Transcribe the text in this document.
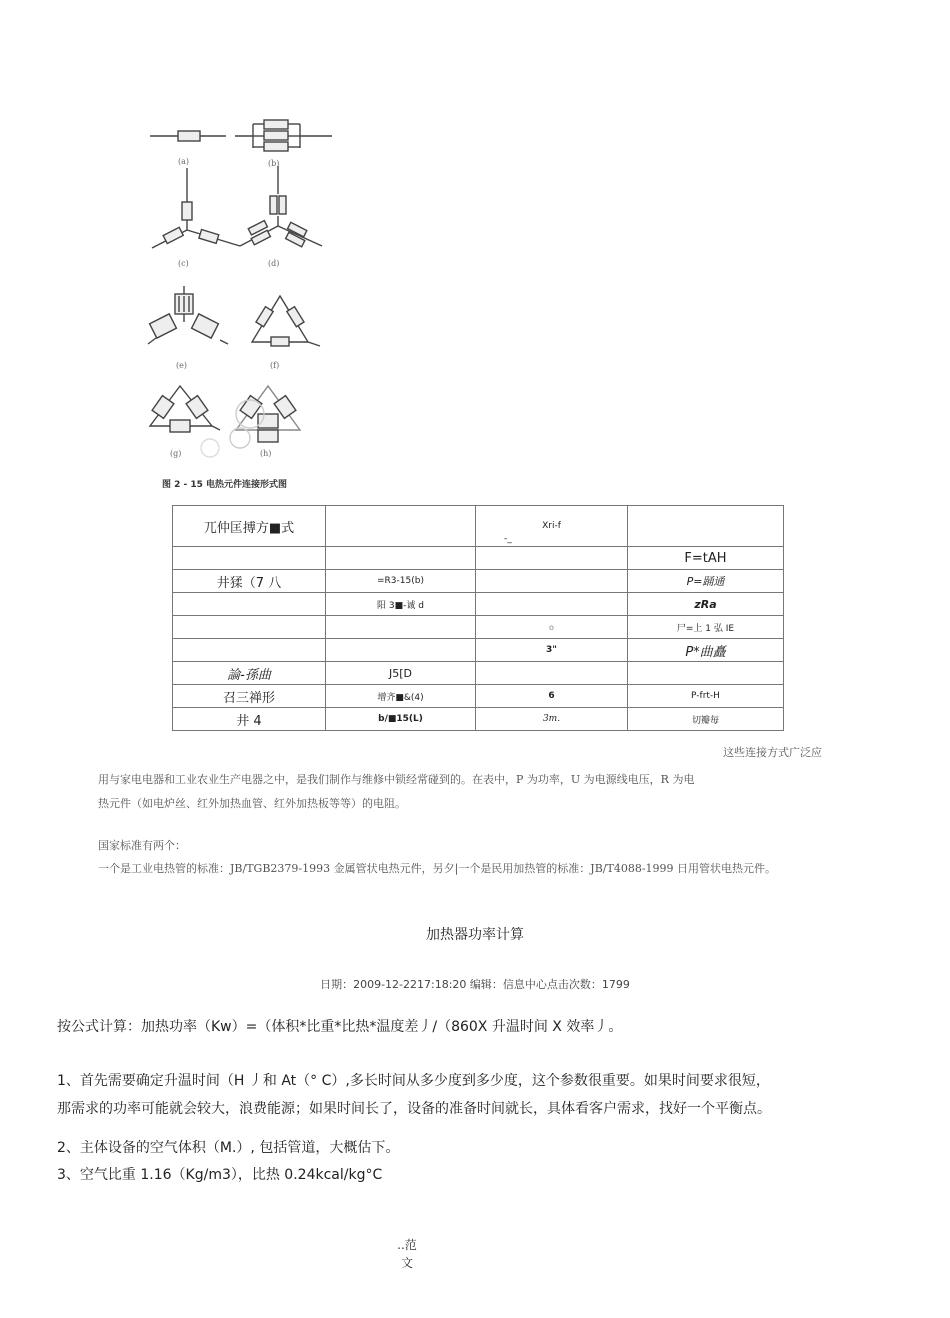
(a)	(b)
(c)	(d)
(e)	(f)
(g)	(h)
图 2 - 15 电热元件连接形式图
兀仲匡搏方■式		Xri-f
-_	

			F=tAH
井猱（7 八	=R3-15(b)		P=踊通
	阳 3■-诚 d		zRa
		o	尸=上 1 弘 IE
		3"	P*曲矗
論-孫曲	J5[D		
召三禅形	增齐■&(4)	6	P-frt-H
井 4	b/■15(L)	3m.	切瓣毎
这些连接方式广泛应
用与家电电器和工业农业生产电器之中，是我们制作与维修中锁经常碰到的。在表中，P 为功率，U 为电源线电压，R 为电
热元件（如电炉丝、红外加热血管、红外加热板等等）的电阻。
国家标准有两个：
一个是工业电热管的标准：JB/TGB2379-1993 金属管状电热元件，另夕|一个是民用加热管的标准：JB/T4088-1999 日用管状电热元件。
加热器功率计算
日期：2009-12-2217:18:20 编辑：信息中心点击次数：1799
按公式计算：加热功率（Kw）=（体积*比重*比热*温度差丿/（860X 升温时间 X 效率丿。
1、首先需要确定升温时间（H 丿和 At（° C）,多长时间从多少度到多少度，这个参数很重要。如果时间要求很短，
那需求的功率可能就会较大，浪费能源；如果时间长了，设备的准备时间就长，具体看客户需求，找好一个平衡点。
2、主体设备的空气体积（M.）, 包括管道，大概估下。
3、空气比重 1.16（Kg/m3），比热 0.24kcal/kg°C
..范
文
